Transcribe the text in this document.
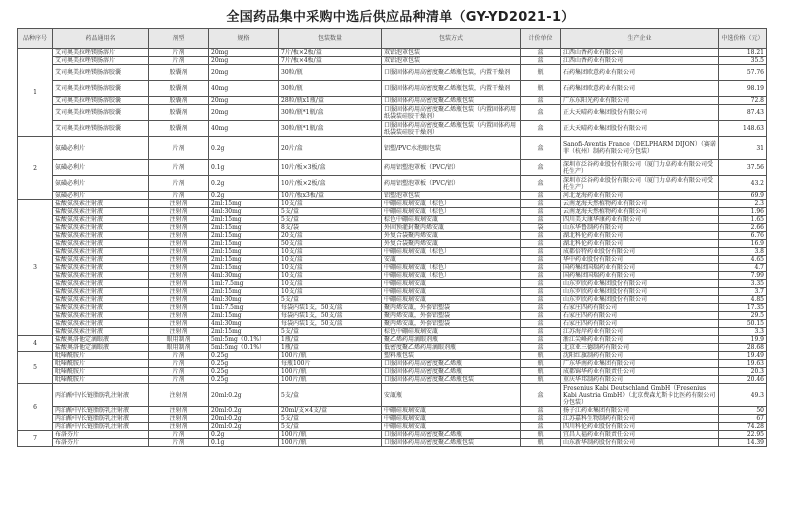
全国药品集中采购中选后供应品种清单（GY-YD2021-1）
品种序号	药品通用名	剂型	规格	包装数量	包装方式	计价单位	生产企业	中选价格（元）
1	艾司奥美拉唑镁肠溶片	片剂	20mg	7片/板×2板/盒	双铝泡罩包装	盒	江西山香药业有限公司	18.21
	艾司奥美拉唑镁肠溶片	片剂	20mg	7片/板×4板/盒	双铝泡罩包装	盒	江西山香药业有限公司	35.5
	艾司奥美拉唑镁肠溶胶囊	胶囊剂	20mg	30粒/瓶	口服固体药用高密度聚乙烯瓶包装，内置干燥剂	瓶	石药集团欧意药业有限公司	57.76
	艾司奥美拉唑镁肠溶胶囊	胶囊剂	40mg	30粒/瓶	口服固体药用高密度聚乙烯瓶包装，内置干燥剂	瓶	石药集团欧意药业有限公司	98.19
	艾司奥美拉唑镁肠溶胶囊	胶囊剂	20mg	28粒/瓶x1瓶/盒	口服固体药用高密度聚乙烯瓶包装	盒	广东东阳光药业有限公司	72.8
	艾司奥美拉唑镁肠溶胶囊	胶囊剂	20mg	30粒/瓶*1瓶/盒	口服固体药用高密度聚乙烯瓶包装（内置固体药用纸袋装硅胶干燥剂）	盒	正大天晴药业集团股份有限公司	87.43
	艾司奥美拉唑镁肠溶胶囊	胶囊剂	40mg	30粒/瓶*1瓶/盒	口服固体药用高密度聚乙烯瓶包装（内置固体药用纸袋装硅胶干燥剂）	盒	正大天晴药业集团股份有限公司	148.63
2	氨磺必利片	片剂	0.2g	20片/盒	铝塑/PVC水泡眼包装	盒	Sanofi-Aventis France（DELPHARM DIJON）（赛诺菲（杭州）制药有限公司分包装）	31
	氨磺必利片	片剂	0.1g	10片/板×3板/盒	药用铝塑泡罩板（PVC/铝）	盒	深圳市泛谷药业股份有限公司（厦门力卓药业有限公司受托生产）	37.56
	氨磺必利片	片剂	0.2g	10片/板×2板/盒	药用铝塑泡罩板（PVC/铝）	盒	深圳市泛谷药业股份有限公司（厦门力卓药业有限公司受托生产）	43.2
	氨磺必利片	片剂	0.2g	10片/板x3板/盒	铝塑泡罩包装	盒	河北龙海药业有限公司	69.9
3	盐酸氨溴索注射液	注射剂	2ml:15mg	10支/盒	中硼硅玻璃安瓿（棕色）	盒	云南龙海天然植物药业有限公司	2.3
	盐酸氨溴索注射液	注射剂	4ml:30mg	5支/盒	中硼硅玻璃安瓿（棕色）	盒	云南龙海天然植物药业有限公司	1.96
	盐酸氨溴索注射液	注射剂	2ml:15mg	5支/盒	棕色中硼硅玻璃安瓿	盒	四川美大康华康药业有限公司	1.65
	盐酸氨溴索注射液	注射剂	2ml:15mg	8支/袋	外固预灌封聚丙烯安瓿	袋	山东华鲁制药有限公司	2.66
	盐酸氨溴索注射液	注射剂	2ml:15mg	20支/盒	外复合袋聚丙烯安瓿	盒	湖北科伦药业有限公司	6.76
	盐酸氨溴索注射液	注射剂	2ml:15mg	50支/盒	外复合袋聚丙烯安瓿	盒	湖北科伦药业有限公司	16.9
	盐酸氨溴索注射液	注射剂	2ml:15mg	10支/盒	中硼硅玻璃安瓿（棕色）	盒	成都倍特药业股份有限公司	3.8
	盐酸氨溴索注射液	注射剂	2ml:15mg	10支/盒	安瓿	盒	华中药业股份有限公司	4.65
	盐酸氨溴索注射液	注射剂	2ml:15mg	10支/盒	中硼硅玻璃安瓿（棕色）	盒	国药集团国瑞药业有限公司	4.7
	盐酸氨溴索注射液	注射剂	4ml:30mg	10支/盒	中硼硅玻璃安瓿（棕色）	盒	国药集团国瑞药业有限公司	7.99
	盐酸氨溴索注射液	注射剂	1ml:7.5mg	10支/盒	中硼硅玻璃安瓿	盒	山东罗欣药业集团股份有限公司	3.35
	盐酸氨溴索注射液	注射剂	2ml:15mg	10支/盒	中硼硅玻璃安瓿	盒	山东罗欣药业集团股份有限公司	3.7
	盐酸氨溴索注射液	注射剂	4ml:30mg	5支/盒	中硼硅玻璃安瓿	盒	山东罗欣药业集团股份有限公司	4.85
	盐酸氨溴索注射液	注射剂	1ml:7.5mg	每袋内装1支，50支/盒	聚丙烯安瓿，外套铝塑袋	盒	石家庄四药有限公司	17.35
	盐酸氨溴索注射液	注射剂	2ml:15mg	每袋内装1支，50支/盒	聚丙烯安瓿，外套铝塑袋	盒	石家庄四药有限公司	29.5
	盐酸氨溴索注射液	注射剂	4ml:30mg	每袋内装1支，50支/盒	聚丙烯安瓿，外套铝塑袋	盒	石家庄四药有限公司	50.15
	盐酸氨溴索注射液	注射剂	2ml:15mg	5支/盒	棕色中硼硅玻璃安瓿	盒	江苏海岸药业有限公司	3.3
4	盐酸奥洛他定滴眼液	眼用制剂	5ml:5mg（0.1%）	1瓶/盒	聚乙烯药用滴眼剂瓶	盒	浙江尖峰药业有限公司	19.9
	盐酸奥洛他定滴眼液	眼用制剂	5ml:5mg（0.1%）	1瓶/盒	低密度聚乙烯药用滴眼剂瓶	盒	北京亚三德制药有限公司	28.68
5	吡嗪酰胺片	片剂	0.25g	100片/瓶	塑料瓶包装	瓶	沈阳红旗制药有限公司	19.49
	吡嗪酰胺片	片剂	0.25g	每瓶100片	口服固体药用高密度聚乙烯瓶	瓶	广东华南药业集团有限公司	19.63
	吡嗪酰胺片	片剂	0.25g	100片/瓶	口服固体药用高密度聚乙烯瓶	瓶	成都锦华药业有限责任公司	20.3
	吡嗪酰胺片	片剂	0.25g	100片/瓶	口服固体药用高密度聚乙烯瓶包装	瓶	重庆华邦制药有限公司	20.46
6	丙泊酚中/长链脂肪乳注射液	注射剂	20ml:0.2g	5支/盒	安瓿瓶	盒	Fresenius Kabi Deutschland GmbH（Fresenius Kabi Austria GmbH）（北京费森尤斯卡比医药有限公司分包装）	49.3
	丙泊酚中/长链脂肪乳注射液	注射剂	20ml:0.2g	20ml/支×4支/盒	中硼硅玻璃安瓿	盒	扬子江药业集团有限公司	50
	丙泊酚中/长链脂肪乳注射液	注射剂	20ml:0.2g	5支/盒	中硼硅玻璃安瓿	盒	江苏嘉科生物制药有限公司	67
	丙泊酚中/长链脂肪乳注射液	注射剂	20ml:0.2g	5支/盒	中硼硅玻璃安瓿	盒	四川科伦药业股份有限公司	74.28
7	布洛芬片	片剂	0.2g	100片/瓶	口服固体药用高密度聚乙烯瓶	瓶	宜昌人福药业有限责任公司	22.95
	布洛芬片	片剂	0.1g	100片/瓶	口服固体药用高密度聚乙烯瓶包装	瓶	山东新华制药股份有限公司	14.39
